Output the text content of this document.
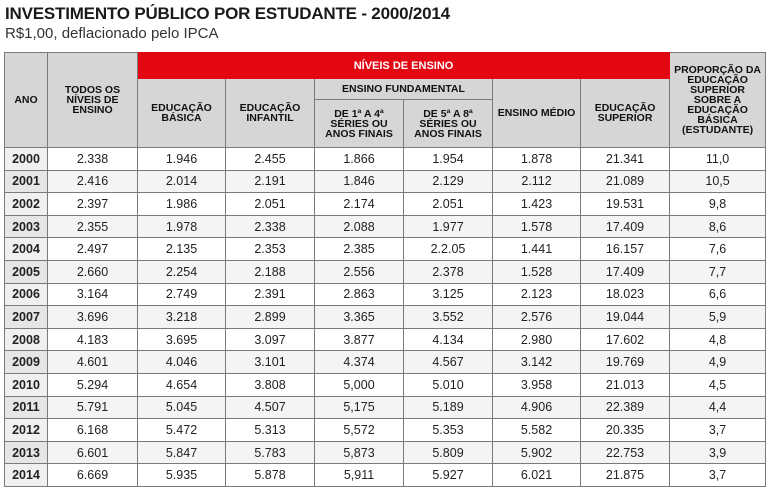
INVESTIMENTO PÚBLICO POR ESTUDANTE - 2000/2014
R$1,00, deflacionado pelo IPCA
ANO	TODOS OS NÍVEIS DE ENSINO	NÍVEIS DE ENSINO						PROPORÇÃO DA EDUCAÇÃO SUPERIOR SOBRE A EDUCAÇÃO BÁSICA (ESTUDANTE)
		EDUCAÇÃO BÁSICA	EDUCAÇÃO INFANTIL	ENSINO FUNDAMENTAL		ENSINO MÉDIO	EDUCAÇÃO SUPERIOR	
				DE 1ª A 4ª SÉRIES OU ANOS FINAIS	DE 5ª A 8ª SÉRIES OU ANOS FINAIS			
2000	2.338	1.946	2.455	1.866	1.954	1.878	21.341	11,0
2001	2.416	2.014	2.191	1.846	2.129	2.112	21.089	10,5
2002	2.397	1.986	2.051	2.174	2.051	1.423	19.531	9,8
2003	2.355	1.978	2.338	2.088	1.977	1.578	17.409	8,6
2004	2.497	2.135	2.353	2.385	2.2.05	1.441	16.157	7,6
2005	2.660	2.254	2.188	2.556	2.378	1.528	17.409	7,7
2006	3.164	2.749	2.391	2.863	3.125	2.123	18.023	6,6
2007	3.696	3.218	2.899	3.365	3.552	2.576	19.044	5,9
2008	4.183	3.695	3.097	3.877	4.134	2.980	17.602	4,8
2009	4.601	4.046	3.101	4.374	4.567	3.142	19.769	4,9
2010	5.294	4.654	3.808	5,000	5.010	3.958	21.013	4,5
2011	5.791	5.045	4.507	5,175	5.189	4.906	22.389	4,4
2012	6.168	5.472	5.313	5,572	5.353	5.582	20.335	3,7
2013	6.601	5.847	5.783	5,873	5.809	5.902	22.753	3,9
2014	6.669	5.935	5.878	5,911	5.927	6.021	21.875	3,7
